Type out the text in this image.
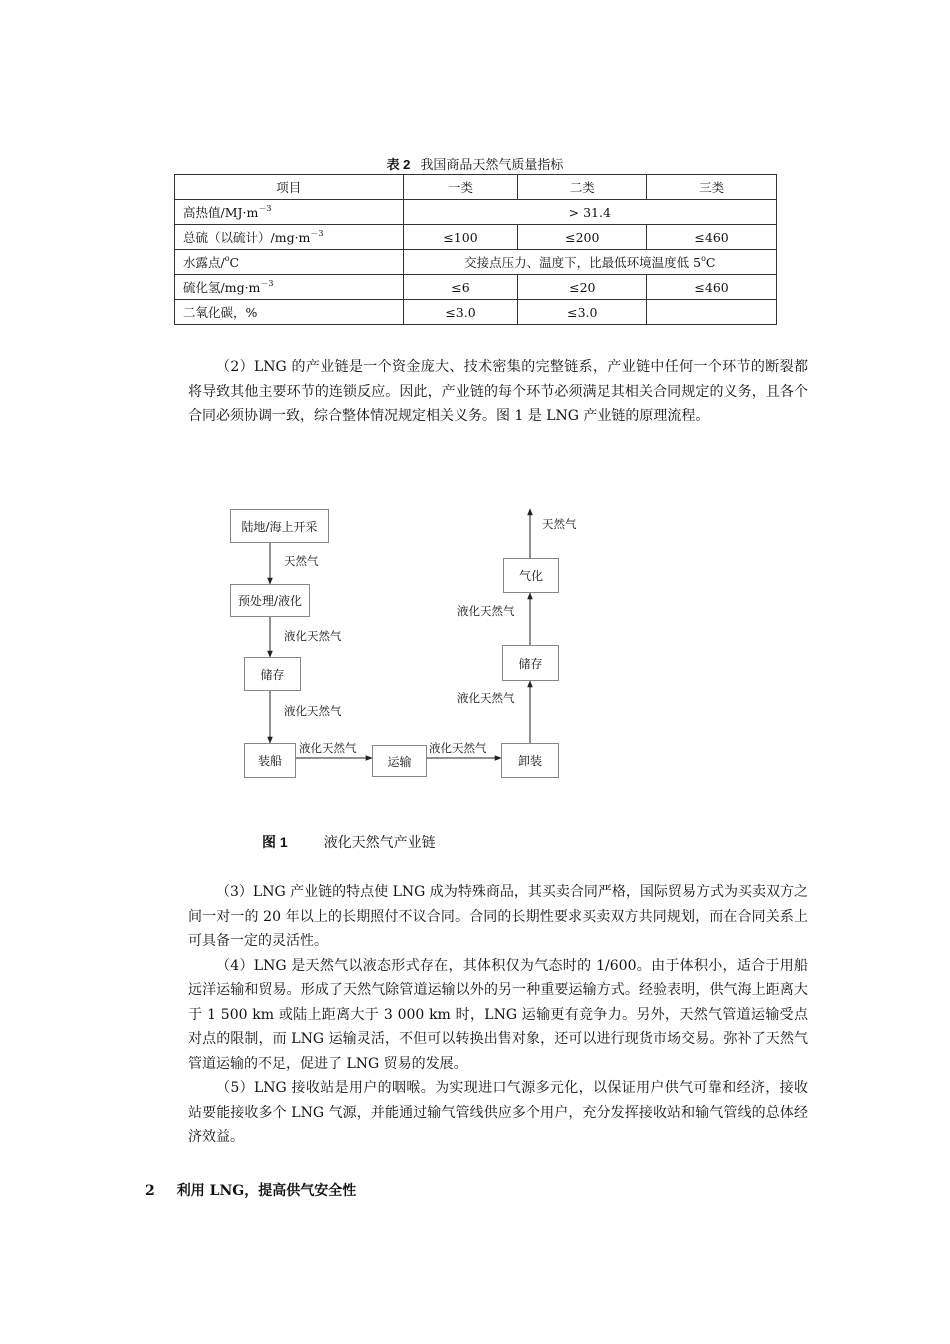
表 2 我国商品天然气质量指标
项目	一类	二类	三类
高热值$/MJ\cdot m^{-3}$	> 31.4		
总硫（以硫计）$/mg\cdot m^{-3}$	≤100	≤200	≤460
水露点/$^o$C	交接点压力、温度下，比最低环境温度低 5$^o$C		
硫化氢$/mg\cdot m^{-3}$	≤6	≤20	≤460
二氧化碳，%	≤3.0	≤3.0	

（2）LNG 的产业链是一个资金庞大、技术密集的完整链系，产业链中任何一个环节的断裂都将导致其他主要环节的连锁反应。因此，产业链的每个环节必须满足其相关合同规定的义务，且各个合同必须协调一致，综合整体情况规定相关义务。图 1 是 LNG 产业链的原理流程。

陆地/海上开采
预处理/液化
储存
装船	运输	卸装
储存
气化
天然气
液化天然气
液化天然气
液化天然气	液化天然气
液化天然气
液化天然气
天然气
图 1	液化天然气产业链

（3）LNG 产业链的特点使 LNG 成为特殊商品，其买卖合同严格，国际贸易方式为买卖双方之间一对一的 20 年以上的长期照付不议合同。合同的长期性要求买卖双方共同规划，而在合同关系上可具备一定的灵活性。

（4）LNG 是天然气以液态形式存在，其体积仅为气态时的 1/600。由于体积小，适合于用船远洋运输和贸易。形成了天然气除管道运输以外的另一种重要运输方式。经验表明，供气海上距离大于 1 500 km 或陆上距离大于 3 000 km 时，LNG 运输更有竞争力。另外，天然气管道运输受点对点的限制，而 LNG 运输灵活，不但可以转换出售对象，还可以进行现货市场交易。弥补了天然气管道运输的不足，促进了 LNG 贸易的发展。

（5）LNG 接收站是用户的咽喉。为实现进口气源多元化，以保证用户供气可靠和经济，接收站要能接收多个 LNG 气源，并能通过输气管线供应多个用户，充分发挥接收站和输气管线的总体经济效益。

2 利用 LNG，提高供气安全性
